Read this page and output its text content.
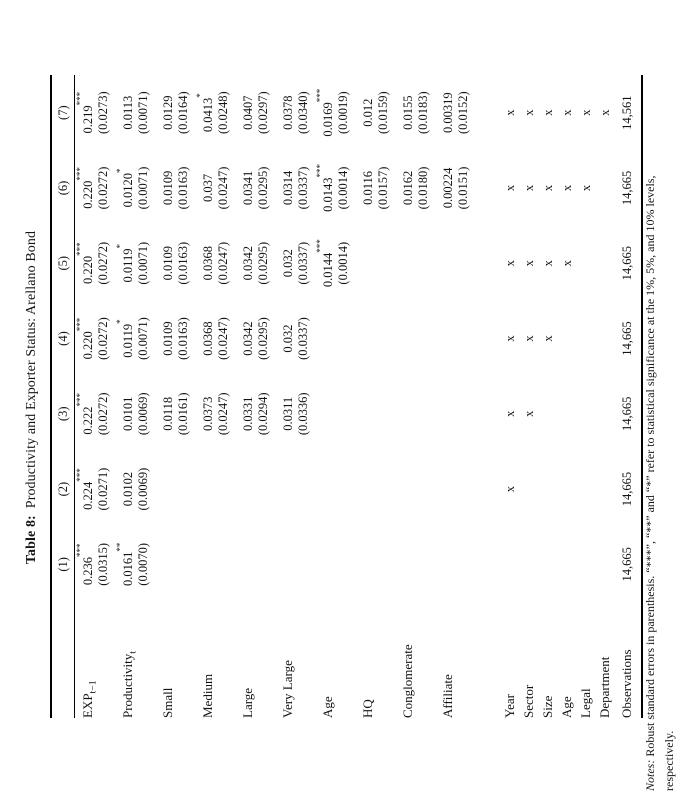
Table 8:Productivity and Exporter Status: Arellano Bond
	(1)	(2)	(3)	(4)	(5)	(6)	(7)
$EXP_{t-1}$	0.236***	0.224***	0.222***	0.220***	0.220***	0.220***	0.219***
	(0.0315)	(0.0271)	(0.0272)	(0.0272)	(0.0272)	(0.0272)	(0.0273)
Productivity$_t$	0.0161**	0.0102	0.0101	0.0119*	0.0119*	0.0120*	0.0113
	(0.0070)	(0.0069)	(0.0069)	(0.0071)	(0.0071)	(0.0071)	(0.0071)
Small			0.0118	0.0109	0.0109	0.0109	0.0129
			(0.0161)	(0.0163)	(0.0163)	(0.0163)	(0.0164)
Medium			0.0373	0.0368	0.0368	0.037	0.0413*
			(0.0247)	(0.0247)	(0.0247)	(0.0247)	(0.0248)
Large			0.0331	0.0342	0.0342	0.0341	0.0407
			(0.0294)	(0.0295)	(0.0295)	(0.0295)	(0.0297)
Very Large			0.0311	0.032	0.032	0.0314	0.0378
			(0.0336)	(0.0337)	(0.0337)	(0.0337)	(0.0340)
Age					0.0144***	0.0143***	0.0169***
					(0.0014)	(0.0014)	(0.0019)
HQ						0.0116	0.012
						(0.0157)	(0.0159)
Conglomerate						0.0162	0.0155
						(0.0180)	(0.0183)
Affiliate						0.00224	0.00319
						(0.0151)	(0.0152)
Year		x	x	x	x	x	x
Sector			x	x	x	x	x
Size				x	x	x	x
Age					x	x	x
Legal						x	x
Department							x
Observations	14,665	14,665	14,665	14,665	14,665	14,665	14,561
Notes: Robust standard errors in parenthesis. “***”, “**” and “*” refer to statistical significance at the 1%, 5%, and 10% levels,
respectively.
